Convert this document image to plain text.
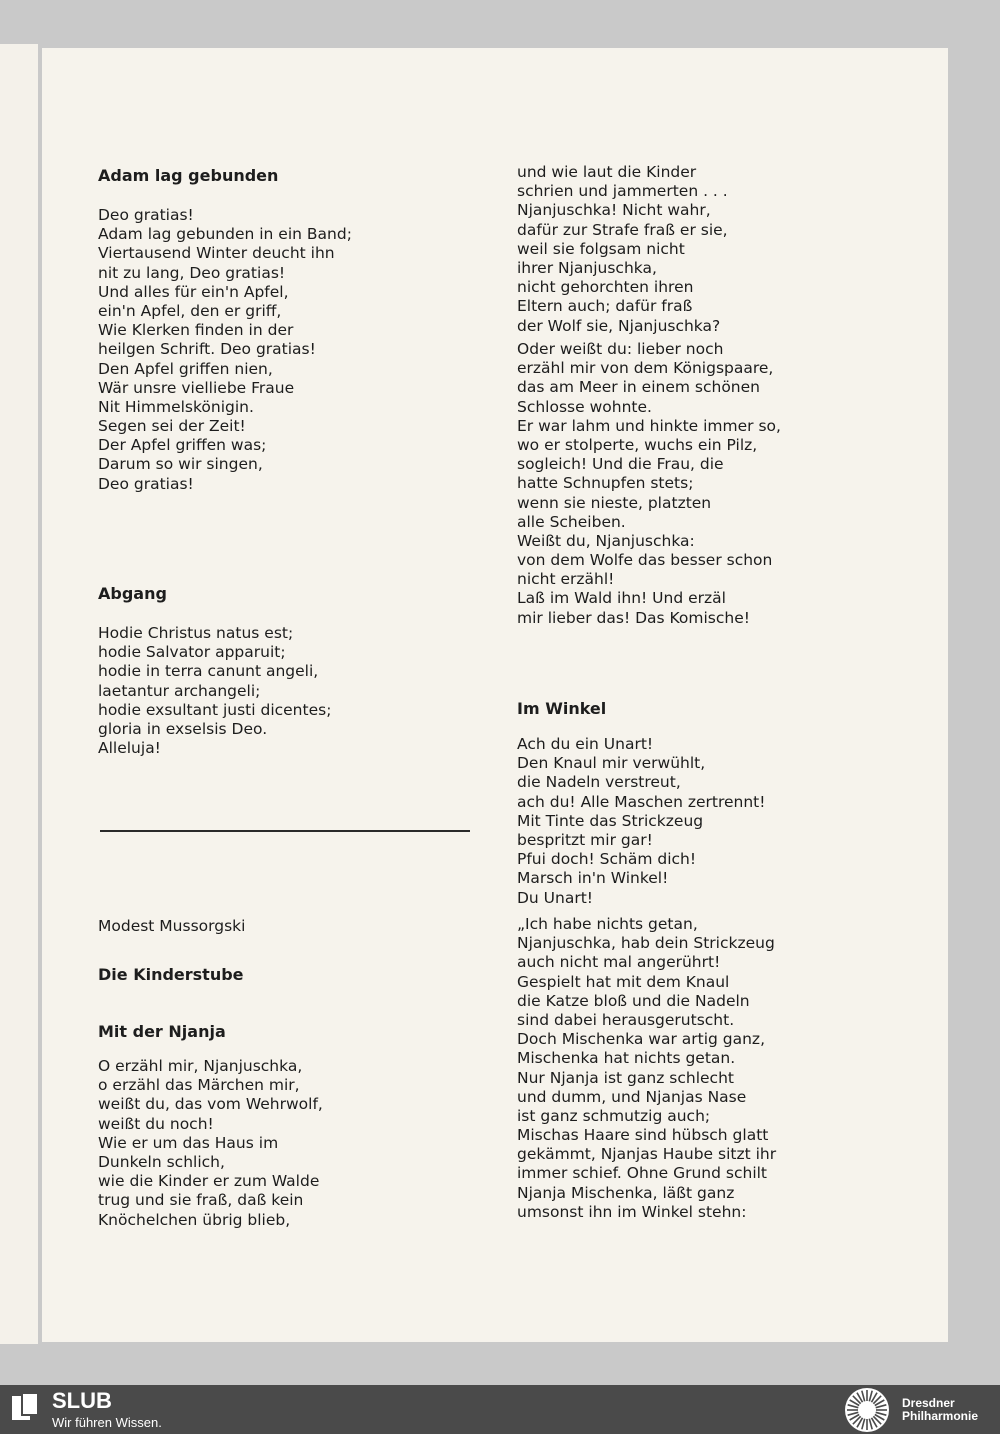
Adam lag gebunden
Deo gratias!
Adam lag gebunden in ein Band;
Viertausend Winter deucht ihn
nit zu lang, Deo gratias!
Und alles für ein'n Apfel,
ein'n Apfel, den er griff,
Wie Klerken finden in der
heilgen Schrift. Deo gratias!
Den Apfel griffen nien,
Wär unsre vielliebe Fraue
Nit Himmelskönigin.
Segen sei der Zeit!
Der Apfel griffen was;
Darum so wir singen,
Deo gratias!
Abgang
Hodie Christus natus est;
hodie Salvator apparuit;
hodie in terra canunt angeli,
laetantur archangeli;
hodie exsultant justi dicentes;
gloria in exselsis Deo.
Alleluja!
Modest Mussorgski
Die Kinderstube
Mit der Njanja
O erzähl mir, Njanjuschka,
o erzähl das Märchen mir,
weißt du, das vom Wehrwolf,
weißt du noch!
Wie er um das Haus im
Dunkeln schlich,
wie die Kinder er zum Walde
trug und sie fraß, daß kein
Knöchelchen übrig blieb,
und wie laut die Kinder
schrien und jammerten . . .
Njanjuschka! Nicht wahr,
dafür zur Strafe fraß er sie,
weil sie folgsam nicht
ihrer Njanjuschka,
nicht gehorchten ihren
Eltern auch; dafür fraß
der Wolf sie, Njanjuschka?
Oder weißt du: lieber noch
erzähl mir von dem Königspaare,
das am Meer in einem schönen
Schlosse wohnte.
Er war lahm und hinkte immer so,
wo er stolperte, wuchs ein Pilz,
sogleich! Und die Frau, die
hatte Schnupfen stets;
wenn sie nieste, platzten
alle Scheiben.
Weißt du, Njanjuschka:
von dem Wolfe das besser schon
nicht erzähl!
Laß im Wald ihn! Und erzäl
mir lieber das! Das Komische!
Im Winkel
Ach du ein Unart!
Den Knaul mir verwühlt,
die Nadeln verstreut,
ach du! Alle Maschen zertrennt!
Mit Tinte das Strickzeug
bespritzt mir gar!
Pfui doch! Schäm dich!
Marsch in'n Winkel!
Du Unart!
„Ich habe nichts getan,
Njanjuschka, hab dein Strickzeug
auch nicht mal angerührt!
Gespielt hat mit dem Knaul
die Katze bloß und die Nadeln
sind dabei herausgerutscht.
Doch Mischenka war artig ganz,
Mischenka hat nichts getan.
Nur Njanja ist ganz schlecht
und dumm, und Njanjas Nase
ist ganz schmutzig auch;
Mischas Haare sind hübsch glatt
gekämmt, Njanjas Haube sitzt ihr
immer schief. Ohne Grund schilt
Njanja Mischenka, läßt ganz
umsonst ihn im Winkel stehn:
SLUB
Wir führen Wissen.
Dresdner
Philharmonie
